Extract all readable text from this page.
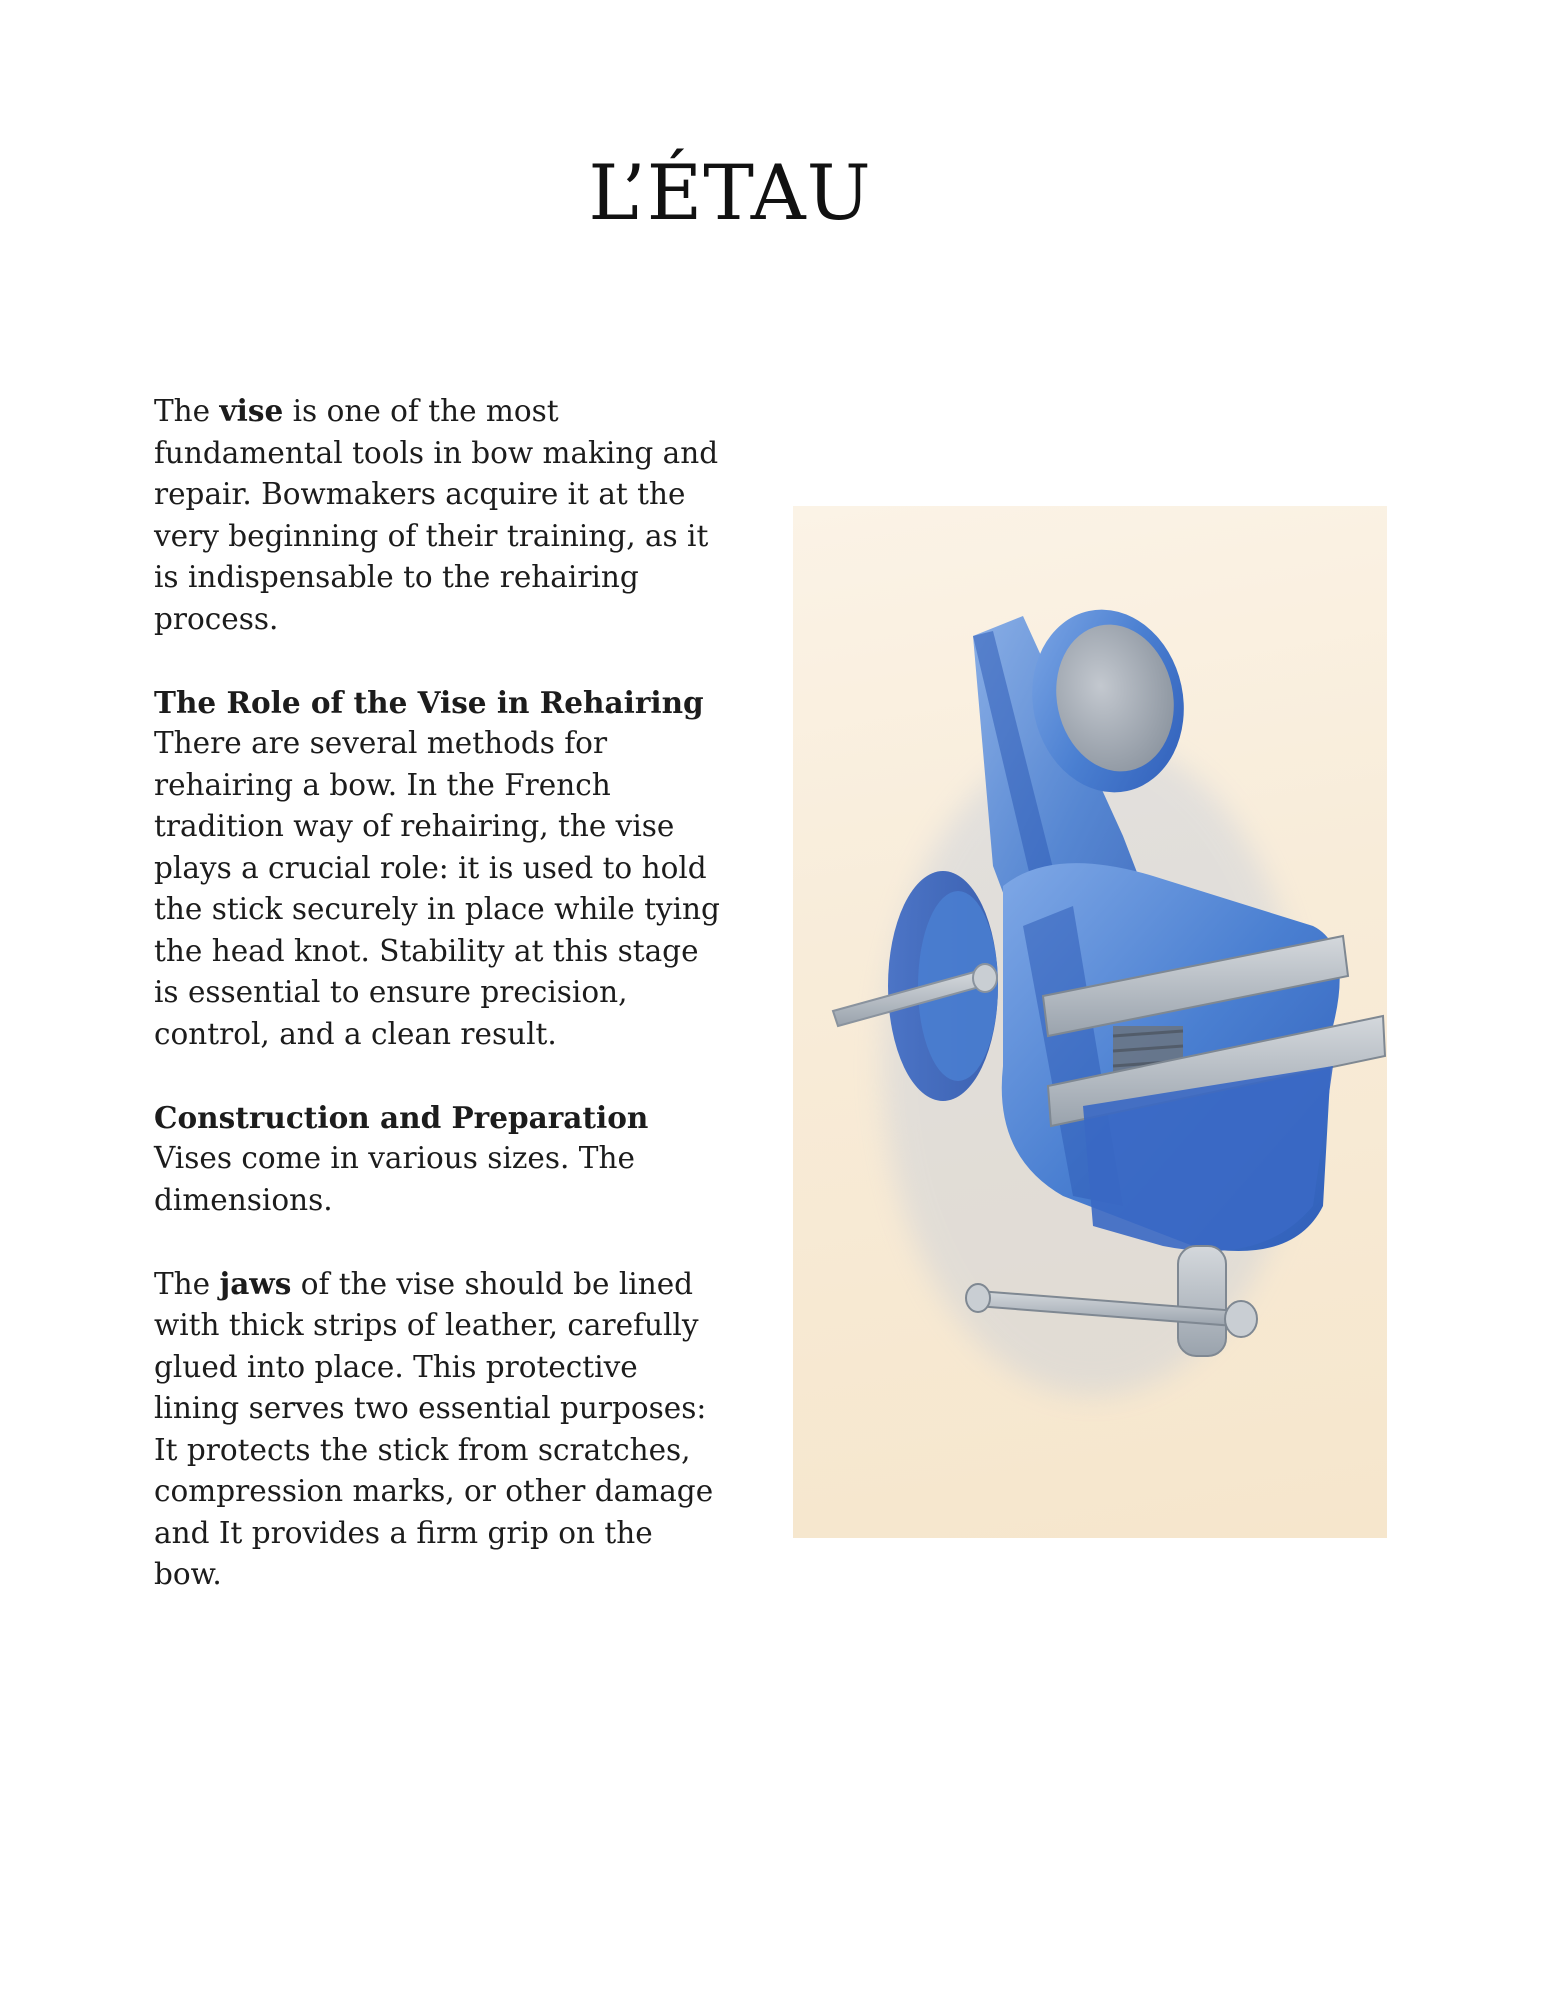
L’ÉTAU

The vise is one of the most fundamental tools in bow making and repair. Bowmakers acquire it at the very beginning of their training, as it is indispensable to the rehairing process.

The Role of the Vise in Rehairing
There are several methods for rehairing a bow. In the French tradition way of rehairing, the vise plays a crucial role: it is used to hold the stick securely in place while tying the head knot. Stability at this stage is essential to ensure precision, control, and a clean result.

Construction and Preparation
Vises come in various sizes. The dimensions.

The jaws of the vise should be lined with thick strips of leather, carefully glued into place. This protective lining serves two essential purposes: It protects the stick from scratches, compression marks, or other damage and It provides a firm grip on the bow.
